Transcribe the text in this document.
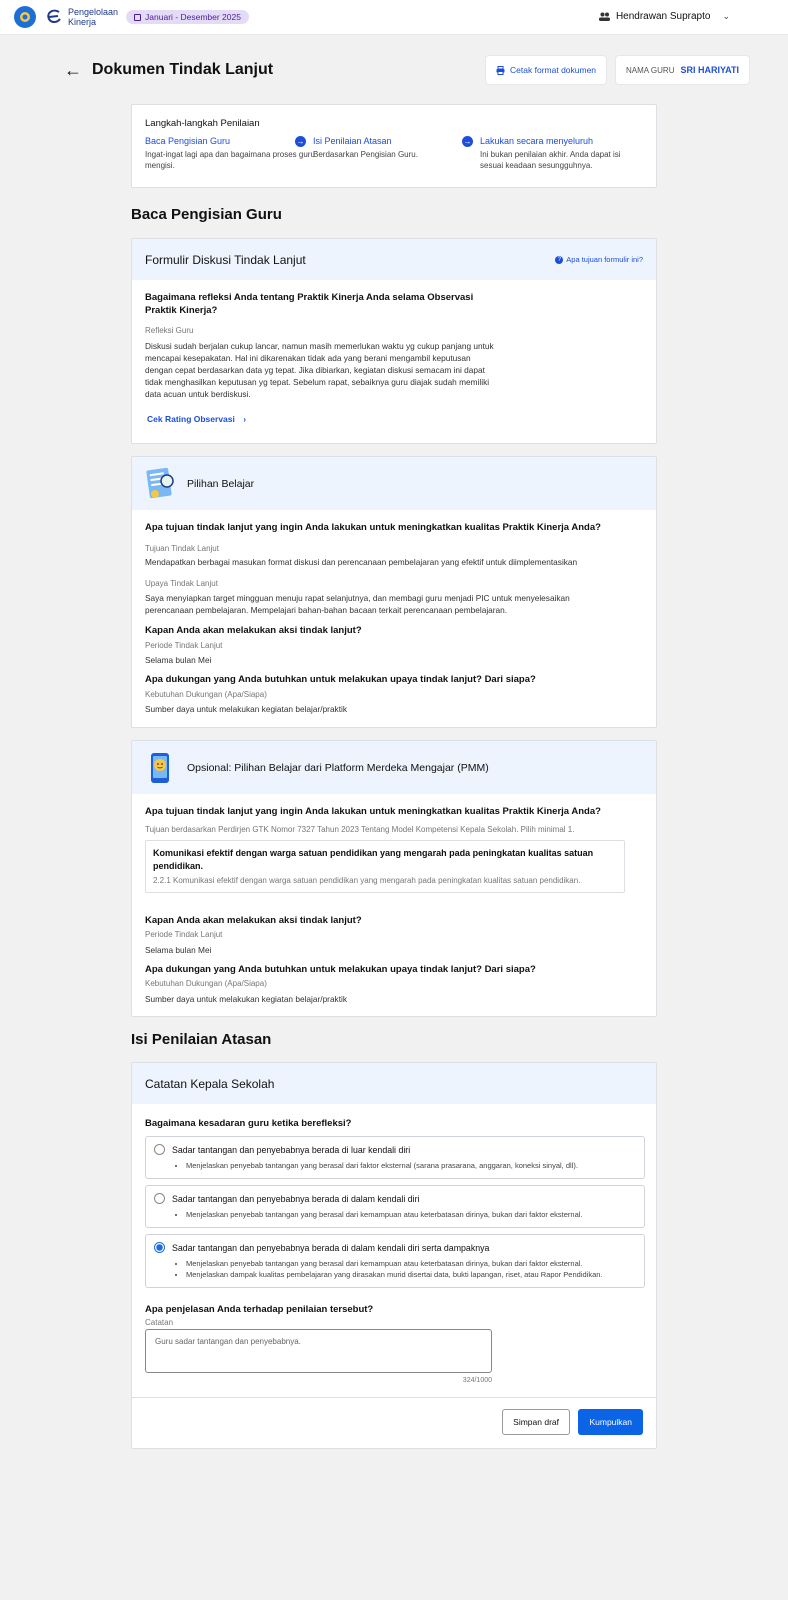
Pengelolaan
Kinerja	Januari - Desember 2025	Hendrawan Suprapto ⌄
← Dokumen Tindak Lanjut	Cetak format dokumen	NAMA GURU SRI HARIYATI
Langkah-langkah Penilaian
Baca Pengisian Guru
Ingat-ingat lagi apa dan bagaimana proses guru mengisi.
→ Isi Penilaian Atasan
Berdasarkan Pengisian Guru.
→ Lakukan secara menyeluruh
Ini bukan penilaian akhir. Anda dapat isi sesuai keadaan sesungguhnya.
Baca Pengisian Guru
Formulir Diskusi Tindak Lanjut	? Apa tujuan formulir ini?
Bagaimana refleksi Anda tentang Praktik Kinerja Anda selama Observasi Praktik Kinerja?
Refleksi Guru
Diskusi sudah berjalan cukup lancar, namun masih memerlukan waktu yg cukup panjang untuk mencapai kesepakatan. Hal ini dikarenakan tidak ada yang berani mengambil keputusan dengan cepat berdasarkan data yg tepat. Jika dibiarkan, kegiatan diskusi semacam ini dapat tidak menghasilkan keputusan yg tepat. Sebelum rapat, sebaiknya guru diajak sudah memiliki data acuan untuk berdiskusi.
Cek Rating Observasi ›
Pilihan Belajar
Apa tujuan tindak lanjut yang ingin Anda lakukan untuk meningkatkan kualitas Praktik Kinerja Anda?
Tujuan Tindak Lanjut
Mendapatkan berbagai masukan format diskusi dan perencanaan pembelajaran yang efektif untuk diimplementasikan
Upaya Tindak Lanjut
Saya menyiapkan target mingguan menuju rapat selanjutnya, dan membagi guru menjadi PIC untuk menyelesaikan perencanaan pembelajaran. Mempelajari bahan-bahan bacaan terkait perencanaan pembelajaran.
Kapan Anda akan melakukan aksi tindak lanjut?
Periode Tindak Lanjut
Selama bulan Mei
Apa dukungan yang Anda butuhkan untuk melakukan upaya tindak lanjut? Dari siapa?
Kebutuhan Dukungan (Apa/Siapa)
Sumber daya untuk melakukan kegiatan belajar/praktik
Opsional: Pilihan Belajar dari Platform Merdeka Mengajar (PMM)
Apa tujuan tindak lanjut yang ingin Anda lakukan untuk meningkatkan kualitas Praktik Kinerja Anda?
Tujuan berdasarkan Perdirjen GTK Nomor 7327 Tahun 2023 Tentang Model Kompetensi Kepala Sekolah. Pilih minimal 1.
Komunikasi efektif dengan warga satuan pendidikan yang mengarah pada peningkatan kualitas satuan pendidikan.
2.2.1 Komunikasi efektif dengan warga satuan pendidikan yang mengarah pada peningkatan kualitas satuan pendidikan.
Kapan Anda akan melakukan aksi tindak lanjut?
Periode Tindak Lanjut
Selama bulan Mei
Apa dukungan yang Anda butuhkan untuk melakukan upaya tindak lanjut? Dari siapa?
Kebutuhan Dukungan (Apa/Siapa)
Sumber daya untuk melakukan kegiatan belajar/praktik
Isi Penilaian Atasan
Catatan Kepala Sekolah
Bagaimana kesadaran guru ketika berefleksi?
Sadar tantangan dan penyebabnya berada di luar kendali diri
• Menjelaskan penyebab tantangan yang berasal dari faktor eksternal (sarana prasarana, anggaran, koneksi sinyal, dll).
Sadar tantangan dan penyebabnya berada di dalam kendali diri
• Menjelaskan penyebab tantangan yang berasal dari kemampuan atau keterbatasan dirinya, bukan dari faktor eksternal.
Sadar tantangan dan penyebabnya berada di dalam kendali diri serta dampaknya
• Menjelaskan penyebab tantangan yang berasal dari kemampuan atau keterbatasan dirinya, bukan dari faktor eksternal.
• Menjelaskan dampak kualitas pembelajaran yang dirasakan murid disertai data, bukti lapangan, riset, atau Rapor Pendidikan.
Apa penjelasan Anda terhadap penilaian tersebut?
Catatan
Guru sadar tantangan dan penyebabnya.
324/1000
Simpan draf	Kumpulkan
